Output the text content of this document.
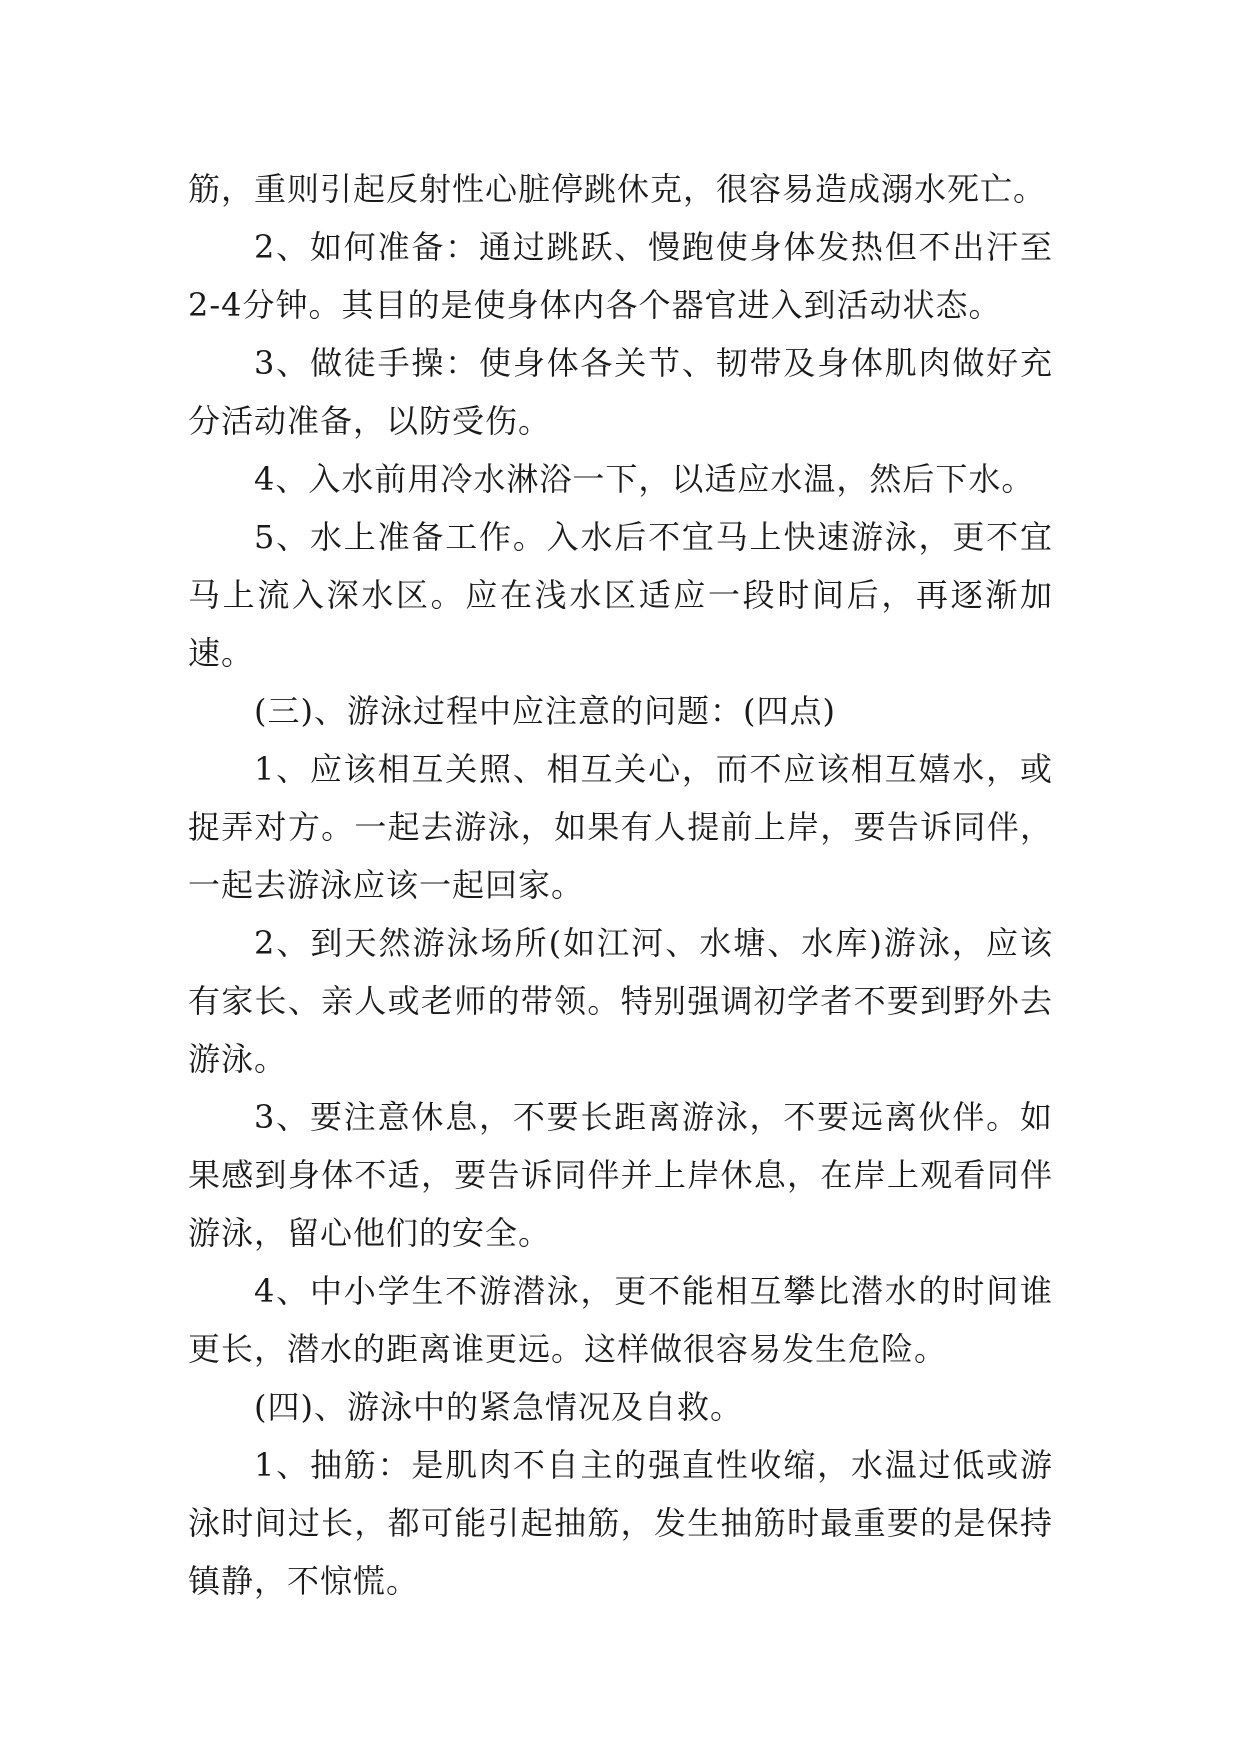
筋，重则引起反射性心脏停跳休克，很容易造成溺水死亡。

2、如何准备：通过跳跃、慢跑使身体发热但不出汗至2-4分钟。其目的是使身体内各个器官进入到活动状态。

3、做徒手操：使身体各关节、韧带及身体肌肉做好充分活动准备，以防受伤。

4、入水前用冷水淋浴一下，以适应水温，然后下水。

5、水上准备工作。入水后不宜马上快速游泳，更不宜马上流入深水区。应在浅水区适应一段时间后，再逐渐加速。

(三)、游泳过程中应注意的问题：(四点)

1、应该相互关照、相互关心，而不应该相互嬉水，或捉弄对方。一起去游泳，如果有人提前上岸，要告诉同伴，一起去游泳应该一起回家。

2、到天然游泳场所(如江河、水塘、水库)游泳，应该有家长、亲人或老师的带领。特别强调初学者不要到野外去游泳。

3、要注意休息，不要长距离游泳，不要远离伙伴。如果感到身体不适，要告诉同伴并上岸休息，在岸上观看同伴游泳，留心他们的安全。

4、中小学生不游潜泳，更不能相互攀比潜水的时间谁更长，潜水的距离谁更远。这样做很容易发生危险。

(四)、游泳中的紧急情况及自救。

1、抽筋：是肌肉不自主的强直性收缩，水温过低或游泳时间过长，都可能引起抽筋，发生抽筋时最重要的是保持镇静，不惊慌。
